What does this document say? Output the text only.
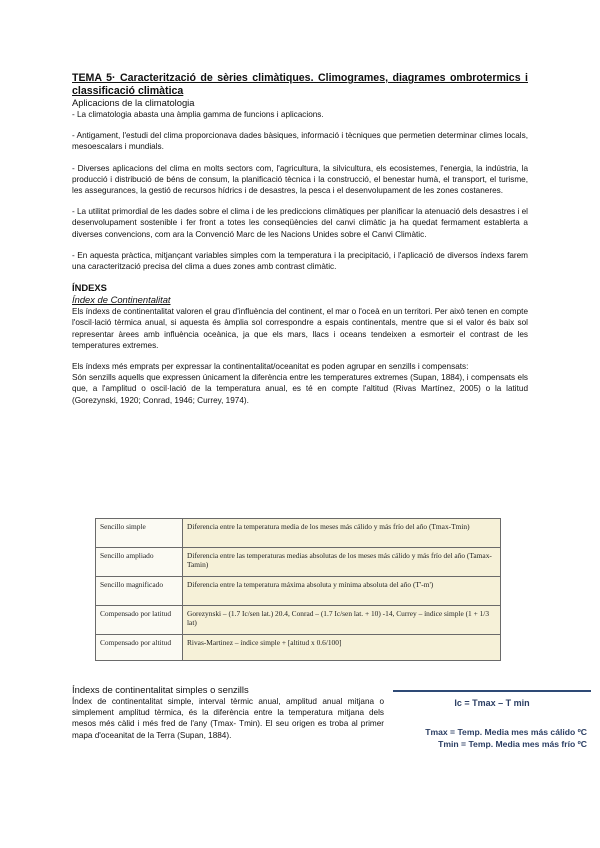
TEMA 5· Caracterització de sèries climàtiques. Climogrames, diagrames ombrotermics i classificació climàtica

Aplicacions de la climatologia

- La climatologia abasta una àmplia gamma de funcions i aplicacions.

- Antigament, l'estudi del clima proporcionava dades bàsiques, informació i tècniques que permetien determinar climes locals, mesoescalars i mundials.

- Diverses aplicacions del clima en molts sectors com, l'agricultura, la silvicultura, els ecosistemes, l'energia, la indústria, la producció i distribució de béns de consum, la planificació tècnica i la construcció, el benestar humà, el transport, el turisme, les assegurances, la gestió de recursos hídrics i de desastres, la pesca i el desenvolupament de les zones costaneres.

- La utilitat primordial de les dades sobre el clima i de les prediccions climàtiques per planificar la atenuació dels desastres i el desenvolupament sostenible i fer front a totes les conseqüències del canvi climàtic ja ha quedat fermament establerta a diverses convencions, com ara la Convenció Marc de les Nacions Unides sobre el Canvi Climàtic.

- En aquesta pràctica, mitjançant variables simples com la temperatura i la precipitació, i l'aplicació de diversos índexs farem una caracterització precisa del clima a dues zones amb contrast climàtic.

ÍNDEXS

Índex de Continentalitat

Els índexs de continentalitat valoren el grau d'influència del continent, el mar o l'oceà en un territori. Per això tenen en compte l'oscil·lació tèrmica anual, si aquesta és àmplia sol correspondre a espais continentals, mentre que si el valor és baix sol representar àrees amb influència oceànica, ja que els mars, llacs i oceans tendeixen a esmorteir el contrast de les temperatures extremes.

Els índexs més emprats per expressar la continentalitat/oceanitat es poden agrupar en senzills i compensats:

Són senzills aquells que expressen únicament la diferència entre les temperatures extremes (Supan, 1884), i compensats els que, a l'amplitud o oscil·lació de la temperatura anual, es té en compte l'altitud (Rivas Martínez, 2005) o la latitud (Gorezynski, 1920; Conrad, 1946; Currey, 1974).

Sencillo simple	Diferencia entre la temperatura media de los meses más cálido y más frío del año (Tmax-Tmin)
Sencillo ampliado	Diferencia entre las temperaturas medias absolutas de los meses más cálido y más frío del año (Tamax-Tamin)
Sencillo magnificado	Diferencia entre la temperatura máxima absoluta y mínima absoluta del año (T'-m')
Compensado por latitud	Gorezynski – (1.7 Ic/sen lat.) 20.4, Conrad – (1.7 Ic/sen lat. + 10) -14, Currey – índice simple (1 + 1/3 lat)
Compensado por altitud	Rivas-Martinez – índice simple + [altitud x 0.6/100]

Índexs de continentalitat simples o senzills

Índex de continentalitat simple, interval tèrmic anual, amplitud anual mitjana o simplement amplitud tèrmica, és la diferència entre la temperatura mitjana dels mesos més càlid i més fred de l'any (Tmax- Tmin). El seu origen es troba al primer mapa d'oceanitat de la Terra (Supan, 1884).

Ic = Tmax – T min
Tmax = Temp. Media mes más cálido ºC
Tmin = Temp. Media mes más frío ºC
